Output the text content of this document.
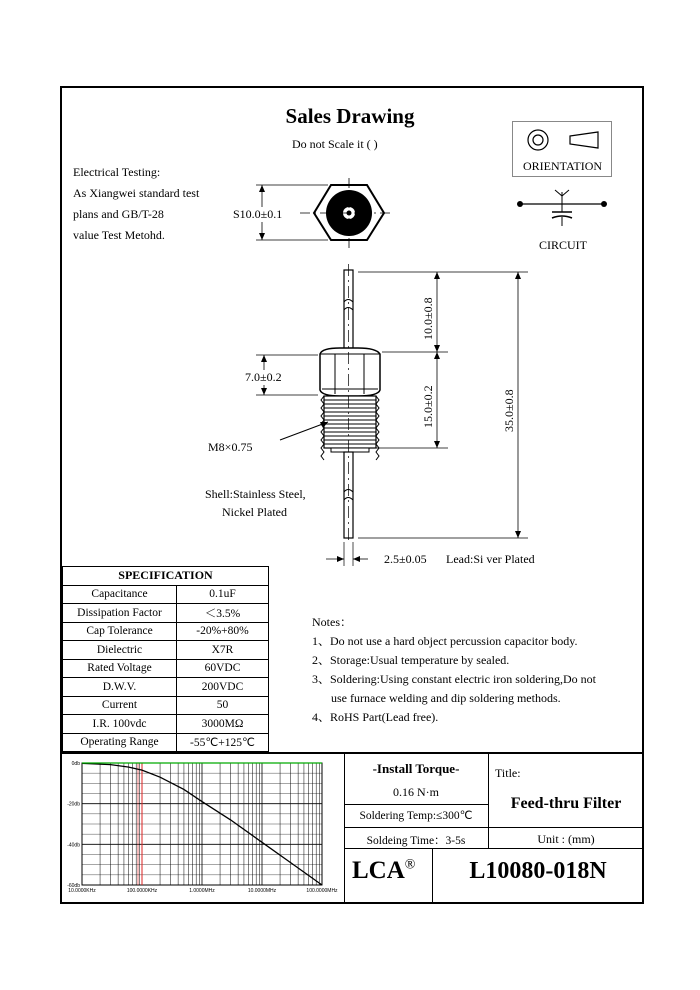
Sales Drawing
Do not Scale it ( )
Electrical Testing:
As Xiangwei standard test
plans and GB/T-28
value Test Metohd.
ORIENTATION
CIRCUIT
S10.0±0.1
10.0±0.8
15.0±0.2	35.0±0.8
7.0±0.2
M8×0.75
2.5±0.05 Lead:Si ver Plated
Shell:Stainless Steel,
Nickel Plated
SPECIFICATION	
Capacitance	0.1uF
Dissipation Factor	＜3.5%
Cap Tolerance	-20%+80%
Dielectric	X7R
Rated Voltage	60VDC
D.W.V.	200VDC
Current	50
I.R. 100vdc	3000MΩ
Operating Range	-55℃+125℃
Notes：
1、Do not use a hard object percussion capacitor body.
2、Storage:Usual temperature by sealed.
3、Soldering:Using constant electric iron soldering,Do not
use furnace welding and dip soldering methods.
4、RoHS Part(Lead free).
-Install Torque-
0.16 N·m
Soldering Temp:≤300℃
Soldeing Time：3-5s
Title:
Feed-thru Filter
Unit : (mm)
LCA®	L10080-018N
0db
-20db
-40db
-60db
10.0000KHz	100.0000KHz	1.0000MHz	10.0000MHz	100.0000MHz
